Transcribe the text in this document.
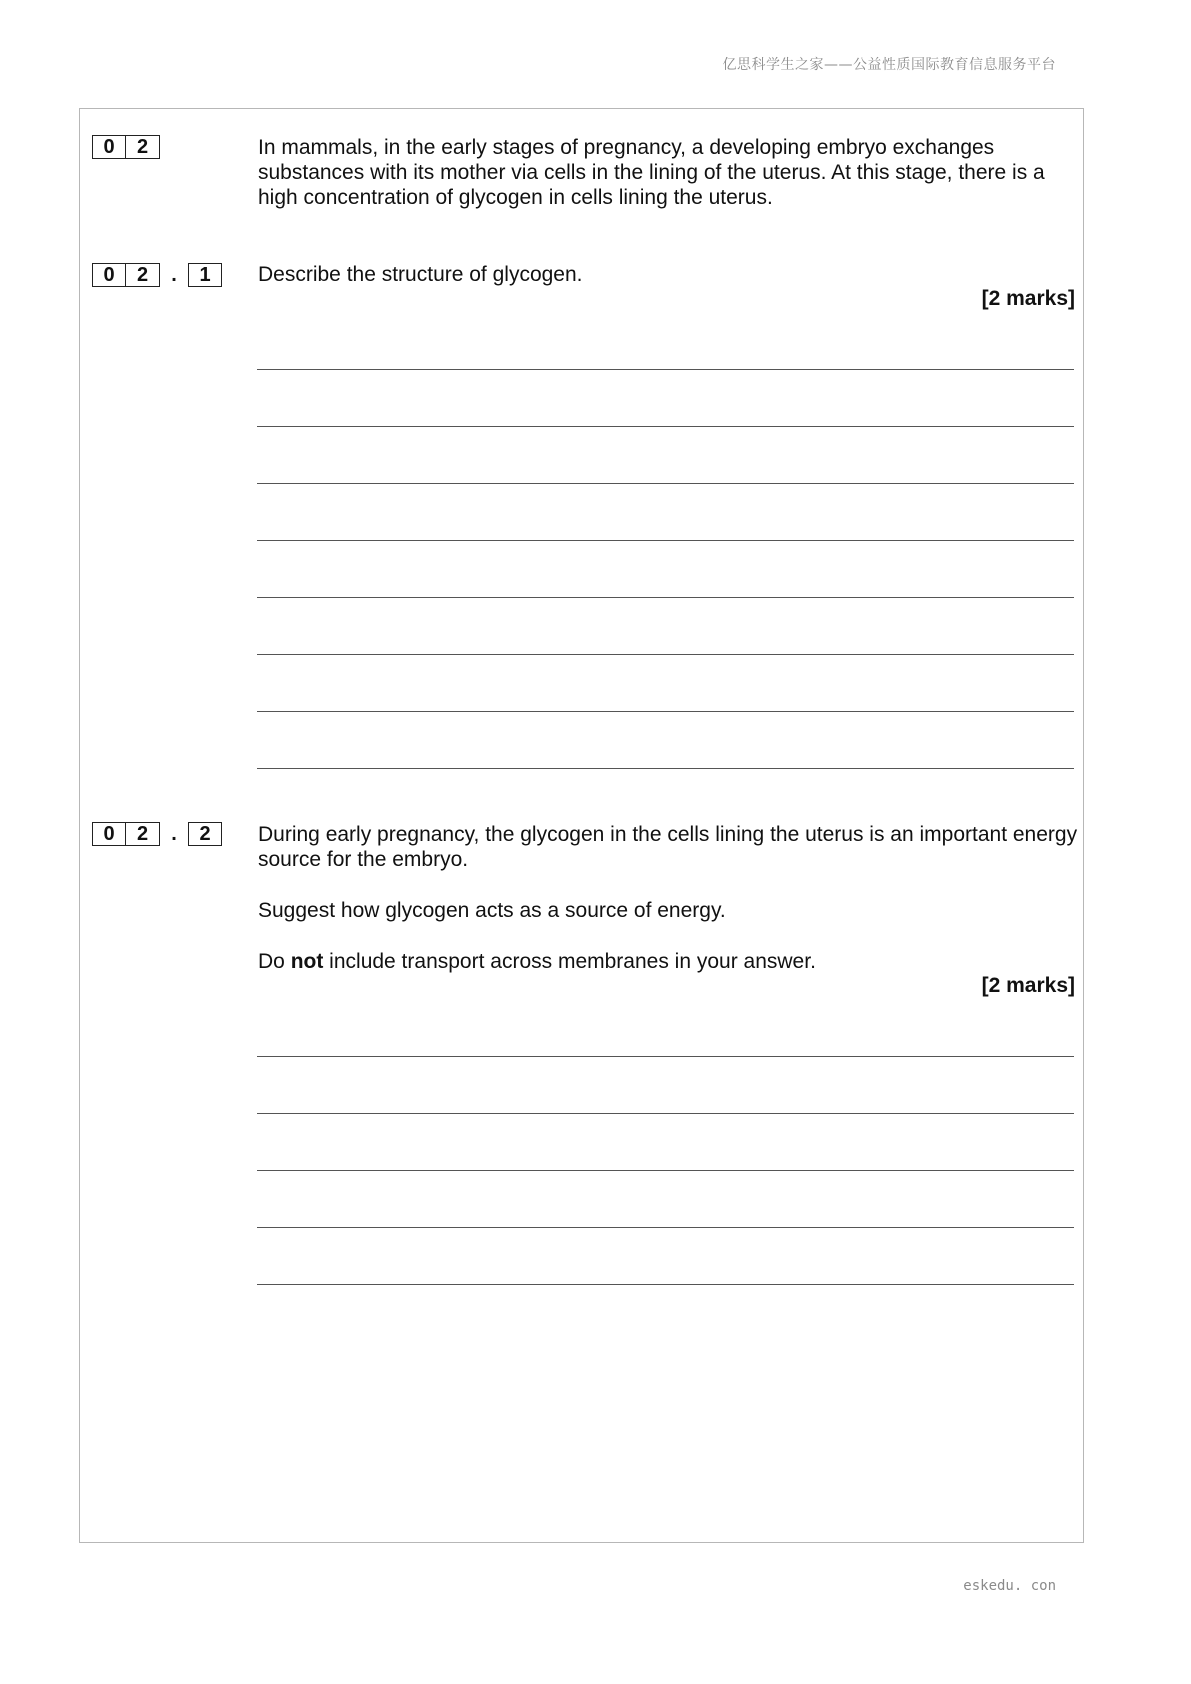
亿思科学生之家——公益性质国际教育信息服务平台
0	2	In mammals, in the early stages of pregnancy, a developing embryo exchanges substances with its mother via cells in the lining of the uterus. At this stage, there is a high concentration of glycogen in cells lining the uterus.

0	2	.	1	Describe the structure of glycogen.

[2 marks]
0	2	.	2	During early pregnancy, the glycogen in the cells lining the uterus is an important energy source for the embryo.

Suggest how glycogen acts as a source of energy.

Do not include transport across membranes in your answer.

[2 marks]
eskedu. con
